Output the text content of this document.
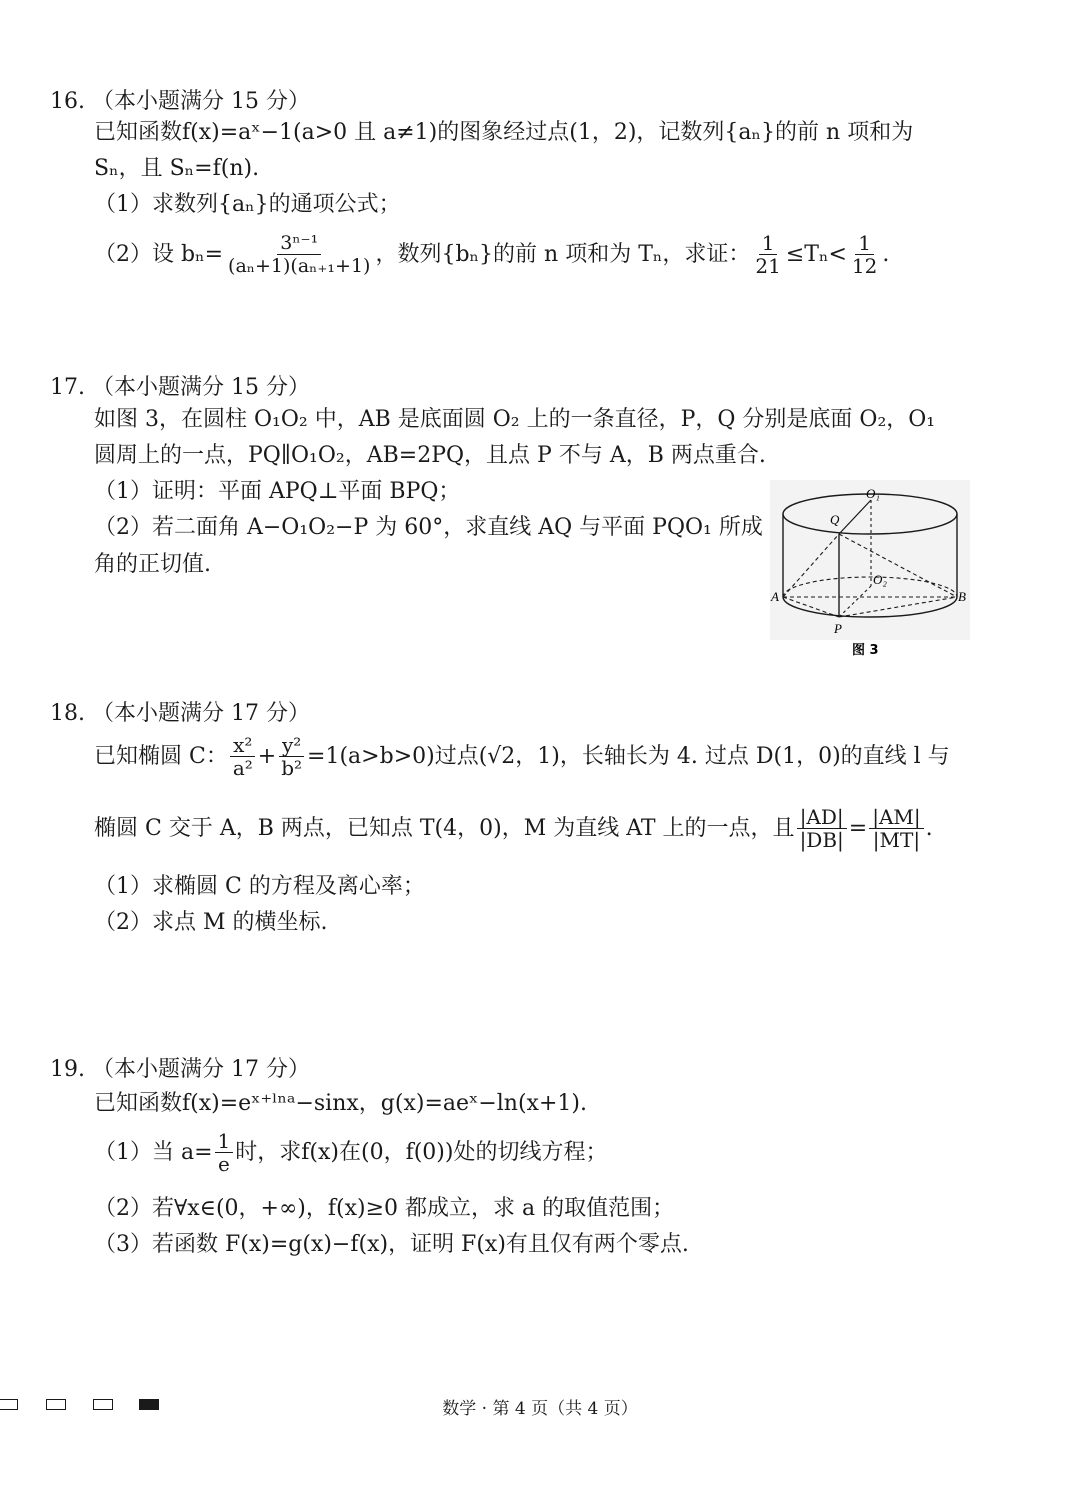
16. （本小题满分 15 分）
已知函数f(x)=aˣ−1(a>0 且 a≠1)的图象经过点(1，2)，记数列{aₙ}的前 n 项和为
Sₙ，且 Sₙ=f(n).
（1）求数列{aₙ}的通项公式；
（2）设 $b_n= \frac{\text{3ⁿ⁻¹}}{\text{(aₙ+1)(aₙ₊₁+1)}}$ ，数列{bₙ}的前 n 项和为 Tₙ，求证： $\frac{1}{21} \le T_n< \frac{1}{12}$ .
17. （本小题满分 15 分）
如图 3，在圆柱 O₁O₂ 中，AB 是底面圆 O₂ 上的一条直径，P，Q 分别是底面 O₂，O₁
圆周上的一点，PQ∥O₁O₂，AB=2PQ，且点 P 不与 A，B 两点重合.
（1）证明：平面 APQ⊥平面 BPQ；
（2）若二面角 A−O₁O₂−P 为 60°，求直线 AQ 与平面 PQO₁ 所成
角的正切值.
O₁
Q
O₂
A	B
P
图 3
18. （本小题满分 17 分）
已知椭圆 C： $\frac{\text{x²}}{\text{a²}} + \frac{\text{y²}}{\text{b²}} =1(a>b>0)$过点(√2，1)，长轴长为 4. 过点 D(1，0)的直线 l 与
椭圆 C 交于 A，B 两点，已知点 T(4，0)，M 为直线 AT 上的一点，且 $\frac{|AD|}{|DB|} = \frac{|AM|}{|MT|}$ .
（1）求椭圆 C 的方程及离心率；
（2）求点 M 的横坐标.
19. （本小题满分 17 分）
已知函数f(x)=eˣ⁺ˡⁿᵃ−sinx，g(x)=aeˣ−ln(x+1).
（1）当 $a= \frac{1}{e}$ 时，求f(x)在(0，f(0))处的切线方程；
（2）若∀x∈(0，+∞)，f(x)≥0 都成立，求 a 的取值范围；
（3）若函数 F(x)=g(x)−f(x)，证明 F(x)有且仅有两个零点.
数学 · 第 4 页（共 4 页）
